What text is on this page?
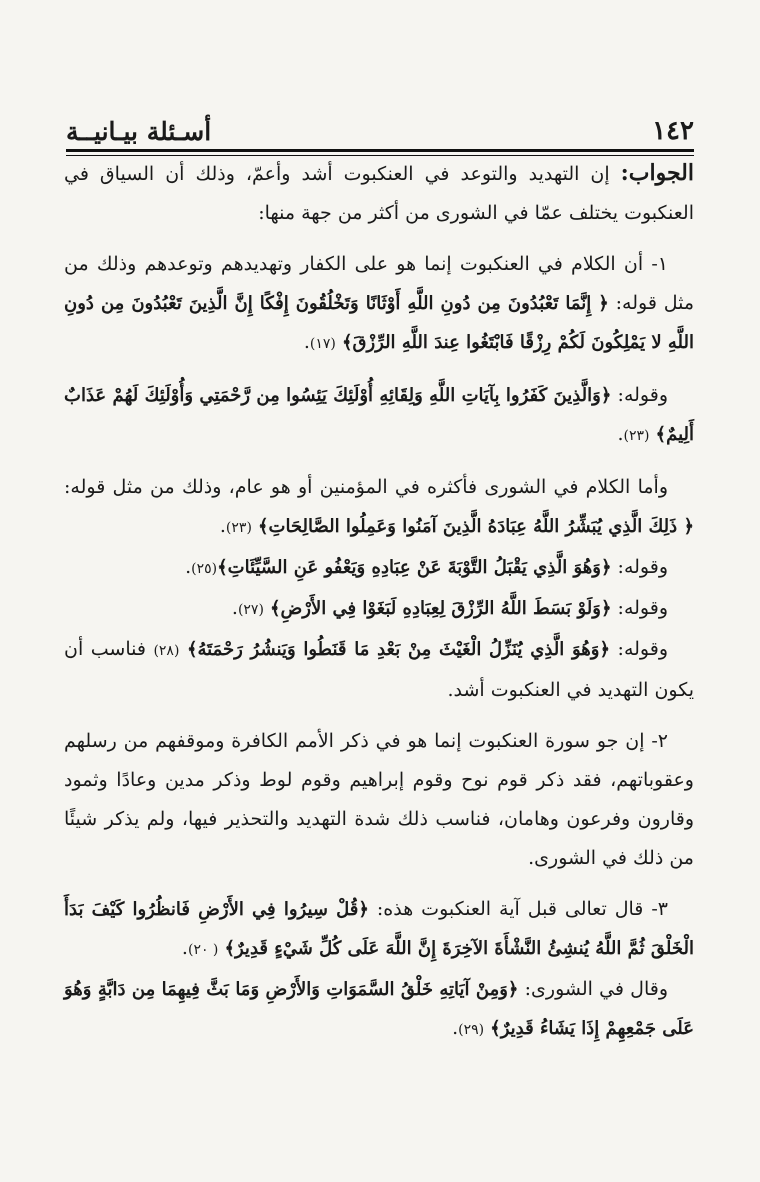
١٤٢
أسـئلة بيـانيــة

الجواب: إن التهديد والتوعد في العنكبوت أشد وأعمّ، وذلك أن السياق في العنكبوت يختلف عمّا في الشورى من أكثر من جهة منها:

١- أن الكلام في العنكبوت إنما هو على الكفار وتهديدهم وتوعدهم وذلك من مثل قوله: ﴿ إِنَّمَا تَعْبُدُونَ مِن دُونِ اللَّهِ أَوْثَانًا وَتَخْلُقُونَ إِفْكًا إِنَّ الَّذِينَ تَعْبُدُونَ مِن دُونِ اللَّهِ لا يَمْلِكُونَ لَكُمْ رِزْقًا فَابْتَغُوا عِندَ اللَّهِ الرِّزْقَ﴾ (١٧).

وقوله: ﴿وَالَّذِينَ كَفَرُوا بِآيَاتِ اللَّهِ وَلِقَائِهِ أُوْلَئِكَ يَئِسُوا مِن رَّحْمَتِي وَأُوْلَئِكَ لَهُمْ عَذَابٌ أَلِيمٌ﴾ (٢٣).

وأما الكلام في الشورى فأكثره في المؤمنين أو هو عام، وذلك من مثل قوله: ﴿ ذَلِكَ الَّذِي يُبَشِّرُ اللَّهُ عِبَادَهُ الَّذِينَ آمَنُوا وَعَمِلُوا الصَّالِحَاتِ﴾ (٢٣).

وقوله: ﴿وَهُوَ الَّذِي يَقْبَلُ التَّوْبَةَ عَنْ عِبَادِهِ وَيَعْفُو عَنِ السَّيِّئَاتِ﴾(٢٥).

وقوله: ﴿وَلَوْ بَسَطَ اللَّهُ الرِّزْقَ لِعِبَادِهِ لَبَغَوْا فِي الأَرْضِ﴾ (٢٧).

وقوله: ﴿وَهُوَ الَّذِي يُنَزِّلُ الْغَيْثَ مِنْ بَعْدِ مَا قَنَطُوا وَيَنشُرُ رَحْمَتَهُ﴾ (٢٨) فناسب أن يكون التهديد في العنكبوت أشد.

٢- إن جو سورة العنكبوت إنما هو في ذكر الأمم الكافرة وموقفهم من رسلهم وعقوباتهم، فقد ذكر قوم نوح وقوم إبراهيم وقوم لوط وذكر مدين وعادًا وثمود وقارون وفرعون وهامان، فناسب ذلك شدة التهديد والتحذير فيها، ولم يذكر شيئًا من ذلك في الشورى.

٣- قال تعالى قبل آية العنكبوت هذه: ﴿قُلْ سِيرُوا فِي الأَرْضِ فَانظُرُوا كَيْفَ بَدَأَ الْخَلْقَ ثُمَّ اللَّهُ يُنشِئُ النَّشْأَةَ الآخِرَةَ إِنَّ اللَّهَ عَلَى كُلِّ شَيْءٍ قَدِيرٌ﴾ ( ٢٠).

وقال في الشورى: ﴿وَمِنْ آيَاتِهِ خَلْقُ السَّمَوَاتِ وَالأَرْضِ وَمَا بَثَّ فِيهِمَا مِن دَابَّةٍ وَهُوَ عَلَى جَمْعِهِمْ إِذَا يَشَاءُ قَدِيرٌ﴾ (٢٩).
